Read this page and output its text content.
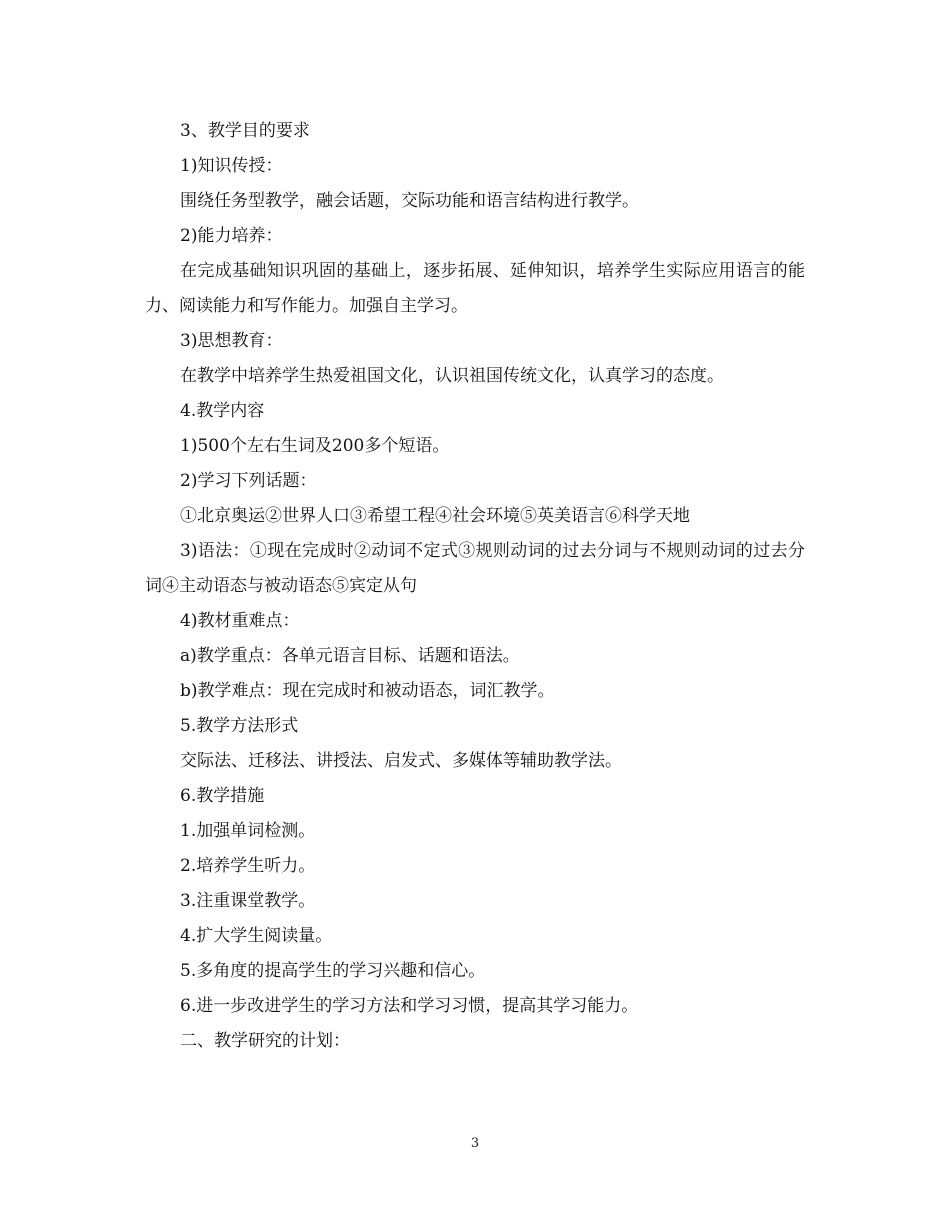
3、教学目的要求

1)知识传授：

围绕任务型教学，融会话题，交际功能和语言结构进行教学。

2)能力培养：

在完成基础知识巩固的基础上，逐步拓展、延伸知识，培养学生实际应用语言的能力、阅读能力和写作能力。加强自主学习。

3)思想教育：

在教学中培养学生热爱祖国文化，认识祖国传统文化，认真学习的态度。

4.教学内容

1)500个左右生词及200多个短语。

2)学习下列话题：

①北京奥运②世界人口③希望工程④社会环境⑤英美语言⑥科学天地

3)语法：①现在完成时②动词不定式③规则动词的过去分词与不规则动词的过去分词④主动语态与被动语态⑤宾定从句

4)教材重难点：

a)教学重点：各单元语言目标、话题和语法。

b)教学难点：现在完成时和被动语态，词汇教学。

5.教学方法形式

交际法、迁移法、讲授法、启发式、多媒体等辅助教学法。

6.教学措施

1.加强单词检测。

2.培养学生听力。

3.注重课堂教学。

4.扩大学生阅读量。

5.多角度的提高学生的学习兴趣和信心。

6.进一步改进学生的学习方法和学习习惯，提高其学习能力。

二、教学研究的计划：

3
